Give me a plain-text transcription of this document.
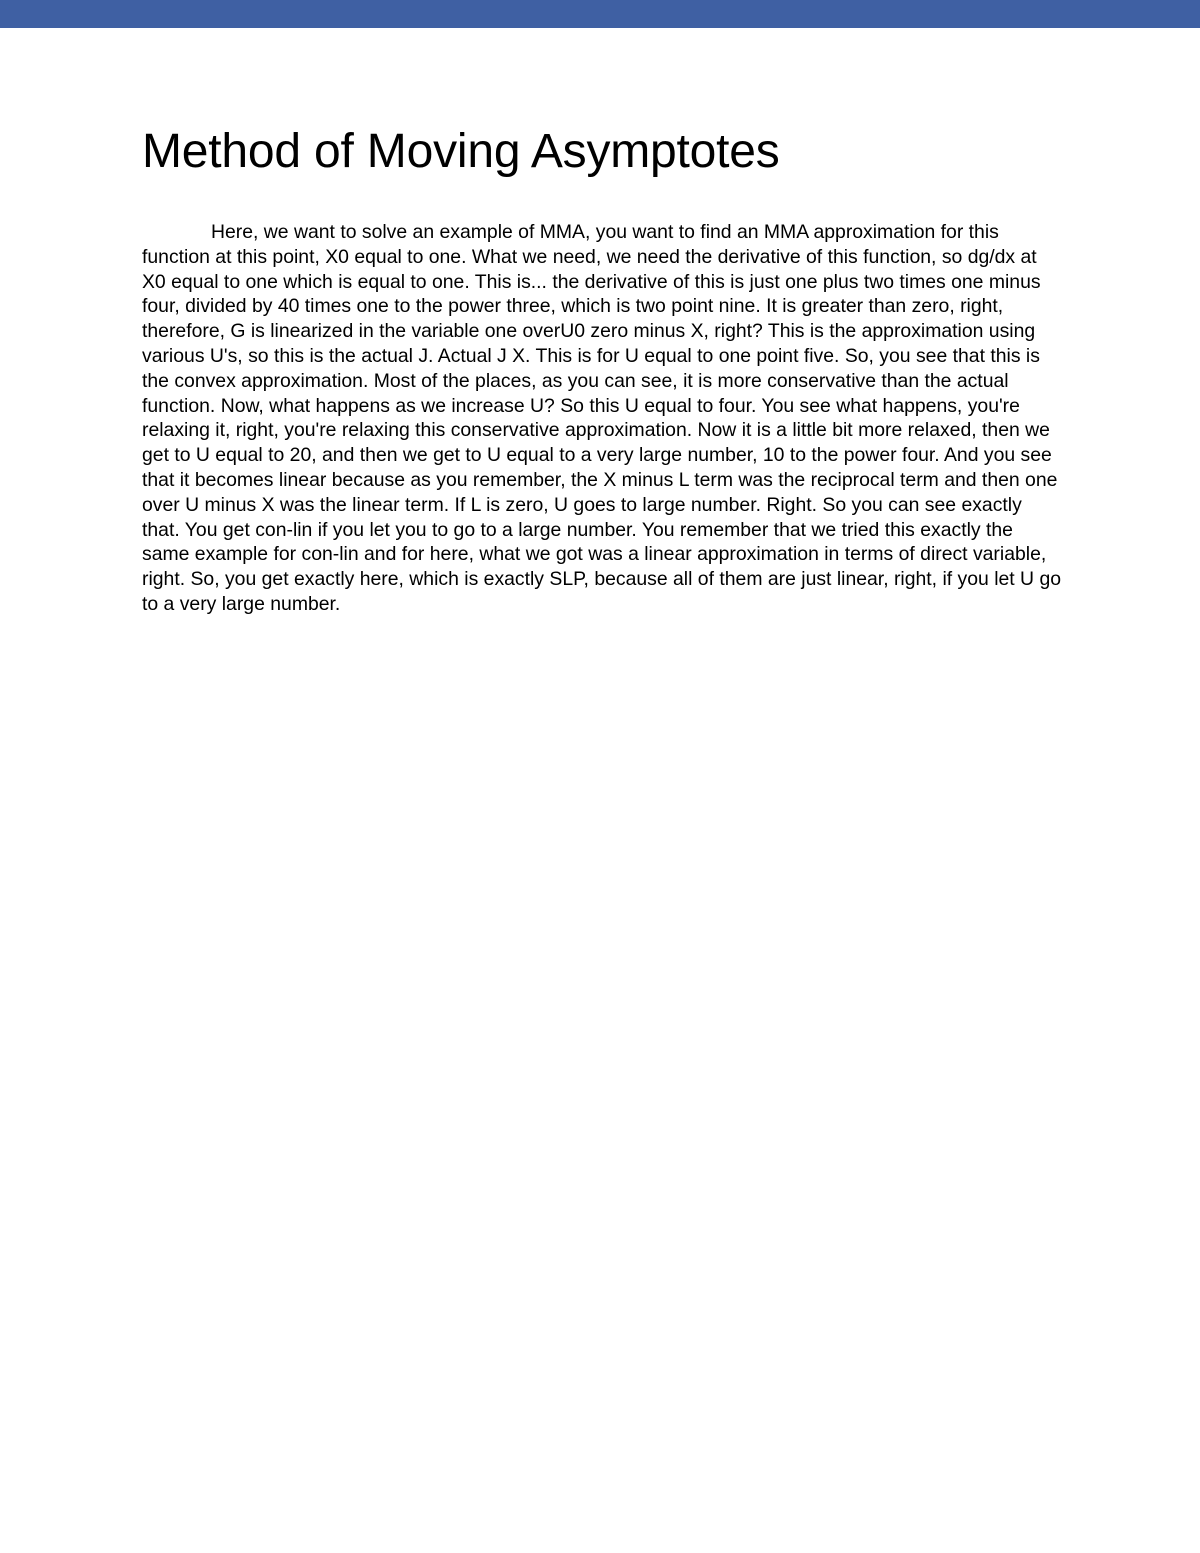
Method of Moving Asymptotes

Here, we want to solve an example of MMA, you want to find an MMA approximation for this function at this point, X0 equal to one. What we need, we need the derivative of this function, so dg/dx at X0 equal to one which is equal to one. This is... the derivative of this is just one plus two times one minus four, divided by 40 times one to the power three, which is two point nine. It is greater than zero, right, therefore, G is linearized in the variable one overU0 zero minus X, right? This is the approximation using various U's, so this is the actual J. Actual J X. This is for U equal to one point five. So, you see that this is the convex approximation. Most of the places, as you can see, it is more conservative than the actual function. Now, what happens as we increase U? So this U equal to four. You see what happens, you're relaxing it, right, you're relaxing this conservative approximation. Now it is a little bit more relaxed, then we get to U equal to 20, and then we get to U equal to a very large number, 10 to the power four. And you see that it becomes linear because as you remember, the X minus L term was the reciprocal term and then one over U minus X was the linear term. If L is zero, U goes to large number. Right. So you can see exactly that. You get con-lin if you let you to go to a large number. You remember that we tried this exactly the same example for con-lin and for here, what we got was a linear approximation in terms of direct variable, right. So, you get exactly here, which is exactly SLP, because all of them are just linear, right, if you let U go to a very large number.
